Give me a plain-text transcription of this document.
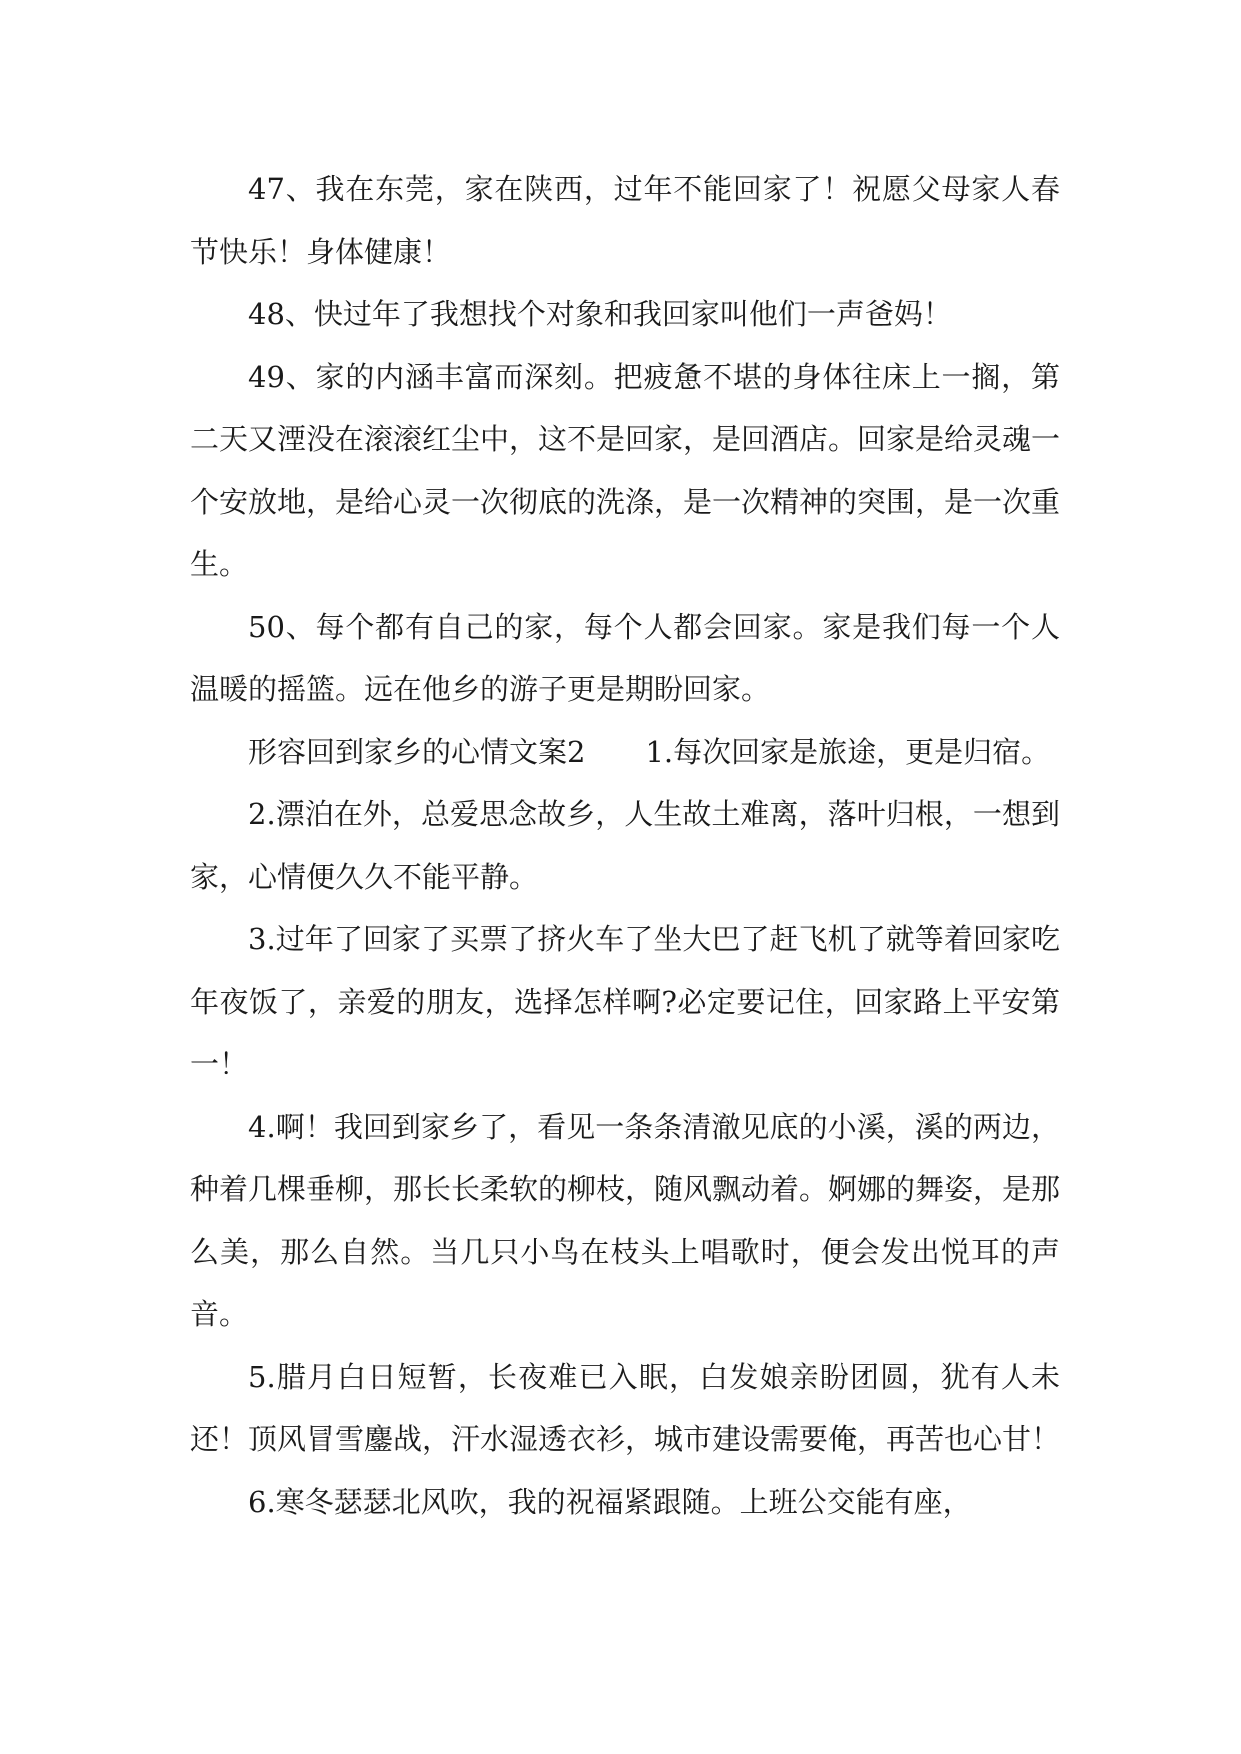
47、我在东莞，家在陕西，过年不能回家了！祝愿父母家人春节快乐！身体健康！

48、快过年了我想找个对象和我回家叫他们一声爸妈！

49、家的内涵丰富而深刻。把疲惫不堪的身体往床上一搁，第二天又湮没在滚滚红尘中，这不是回家，是回酒店。回家是给灵魂一个安放地，是给心灵一次彻底的洗涤，是一次精神的突围，是一次重生。

50、每个都有自己的家，每个人都会回家。家是我们每一个人温暖的摇篮。远在他乡的游子更是期盼回家。

形容回到家乡的心情文案2 1.每次回家是旅途，更是归宿。

2.漂泊在外，总爱思念故乡，人生故土难离，落叶归根，一想到家，心情便久久不能平静。

3.过年了回家了买票了挤火车了坐大巴了赶飞机了就等着回家吃年夜饭了，亲爱的朋友，选择怎样啊?必定要记住，回家路上平安第一！

4.啊！我回到家乡了，看见一条条清澈见底的小溪，溪的两边，种着几棵垂柳，那长长柔软的柳枝，随风飘动着。婀娜的舞姿，是那么美，那么自然。当几只小鸟在枝头上唱歌时，便会发出悦耳的声音。

5.腊月白日短暂，长夜难已入眠，白发娘亲盼团圆，犹有人未还！顶风冒雪鏖战，汗水湿透衣衫，城市建设需要俺，再苦也心甘！

6.寒冬瑟瑟北风吹，我的祝福紧跟随。上班公交能有座，
